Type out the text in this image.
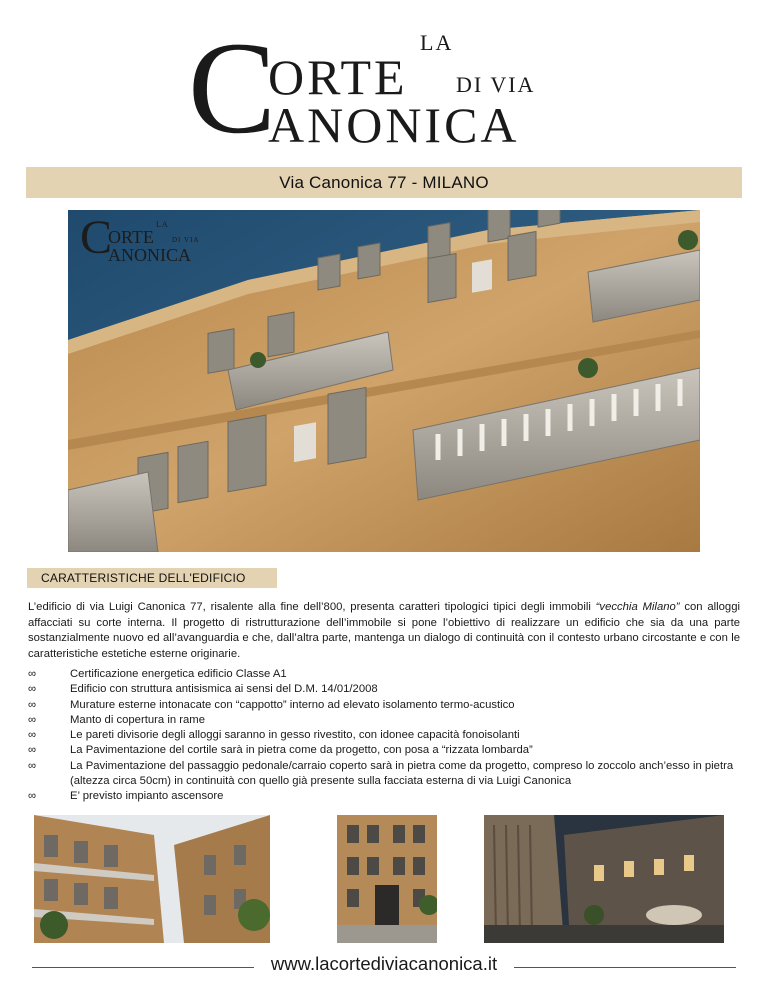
C	LA
ORTE DI VIA
ANONICA
Via Canonica 77 - MILANO
C	LA
ORTE	DI VIA
ANONICA
CARATTERISTICHE DELL'EDIFICIO

L’edificio di via Luigi Canonica 77, risalente alla fine dell’800, presenta caratteri tipologici tipici degli immobili “vecchia Milano” con alloggi affacciati su corte interna. Il progetto di ristrutturazione dell’immobile si pone l’obiettivo di realizzare un edificio che sia da una parte sostanzialmente nuovo ed all’avanguardia e che, dall’altra parte, mantenga un dialogo di continuità con il contesto urbano circostante e con le caratteristiche estetiche esterne originarie.

∞	Certificazione energetica edificio Classe A1
∞	Edificio con struttura antisismica ai sensi del D.M. 14/01/2008
∞	Murature esterne intonacate con “cappotto” interno ad elevato isolamento termo-acustico
∞	Manto di copertura in rame
∞	Le pareti divisorie degli alloggi saranno in gesso rivestito, con idonee capacità fonoisolanti
∞	La Pavimentazione del cortile sarà in pietra come da progetto, con posa a “rizzata lombarda”
∞	La Pavimentazione del passaggio pedonale/carraio coperto sarà in pietra come da progetto, compreso lo zoccolo anch’esso in pietra (altezza circa 50cm) in continuità con quello già presente sulla facciata esterna di via Luigi Canonica
∞	E’ previsto impianto ascensore
www.lacortediviacanonica.it
